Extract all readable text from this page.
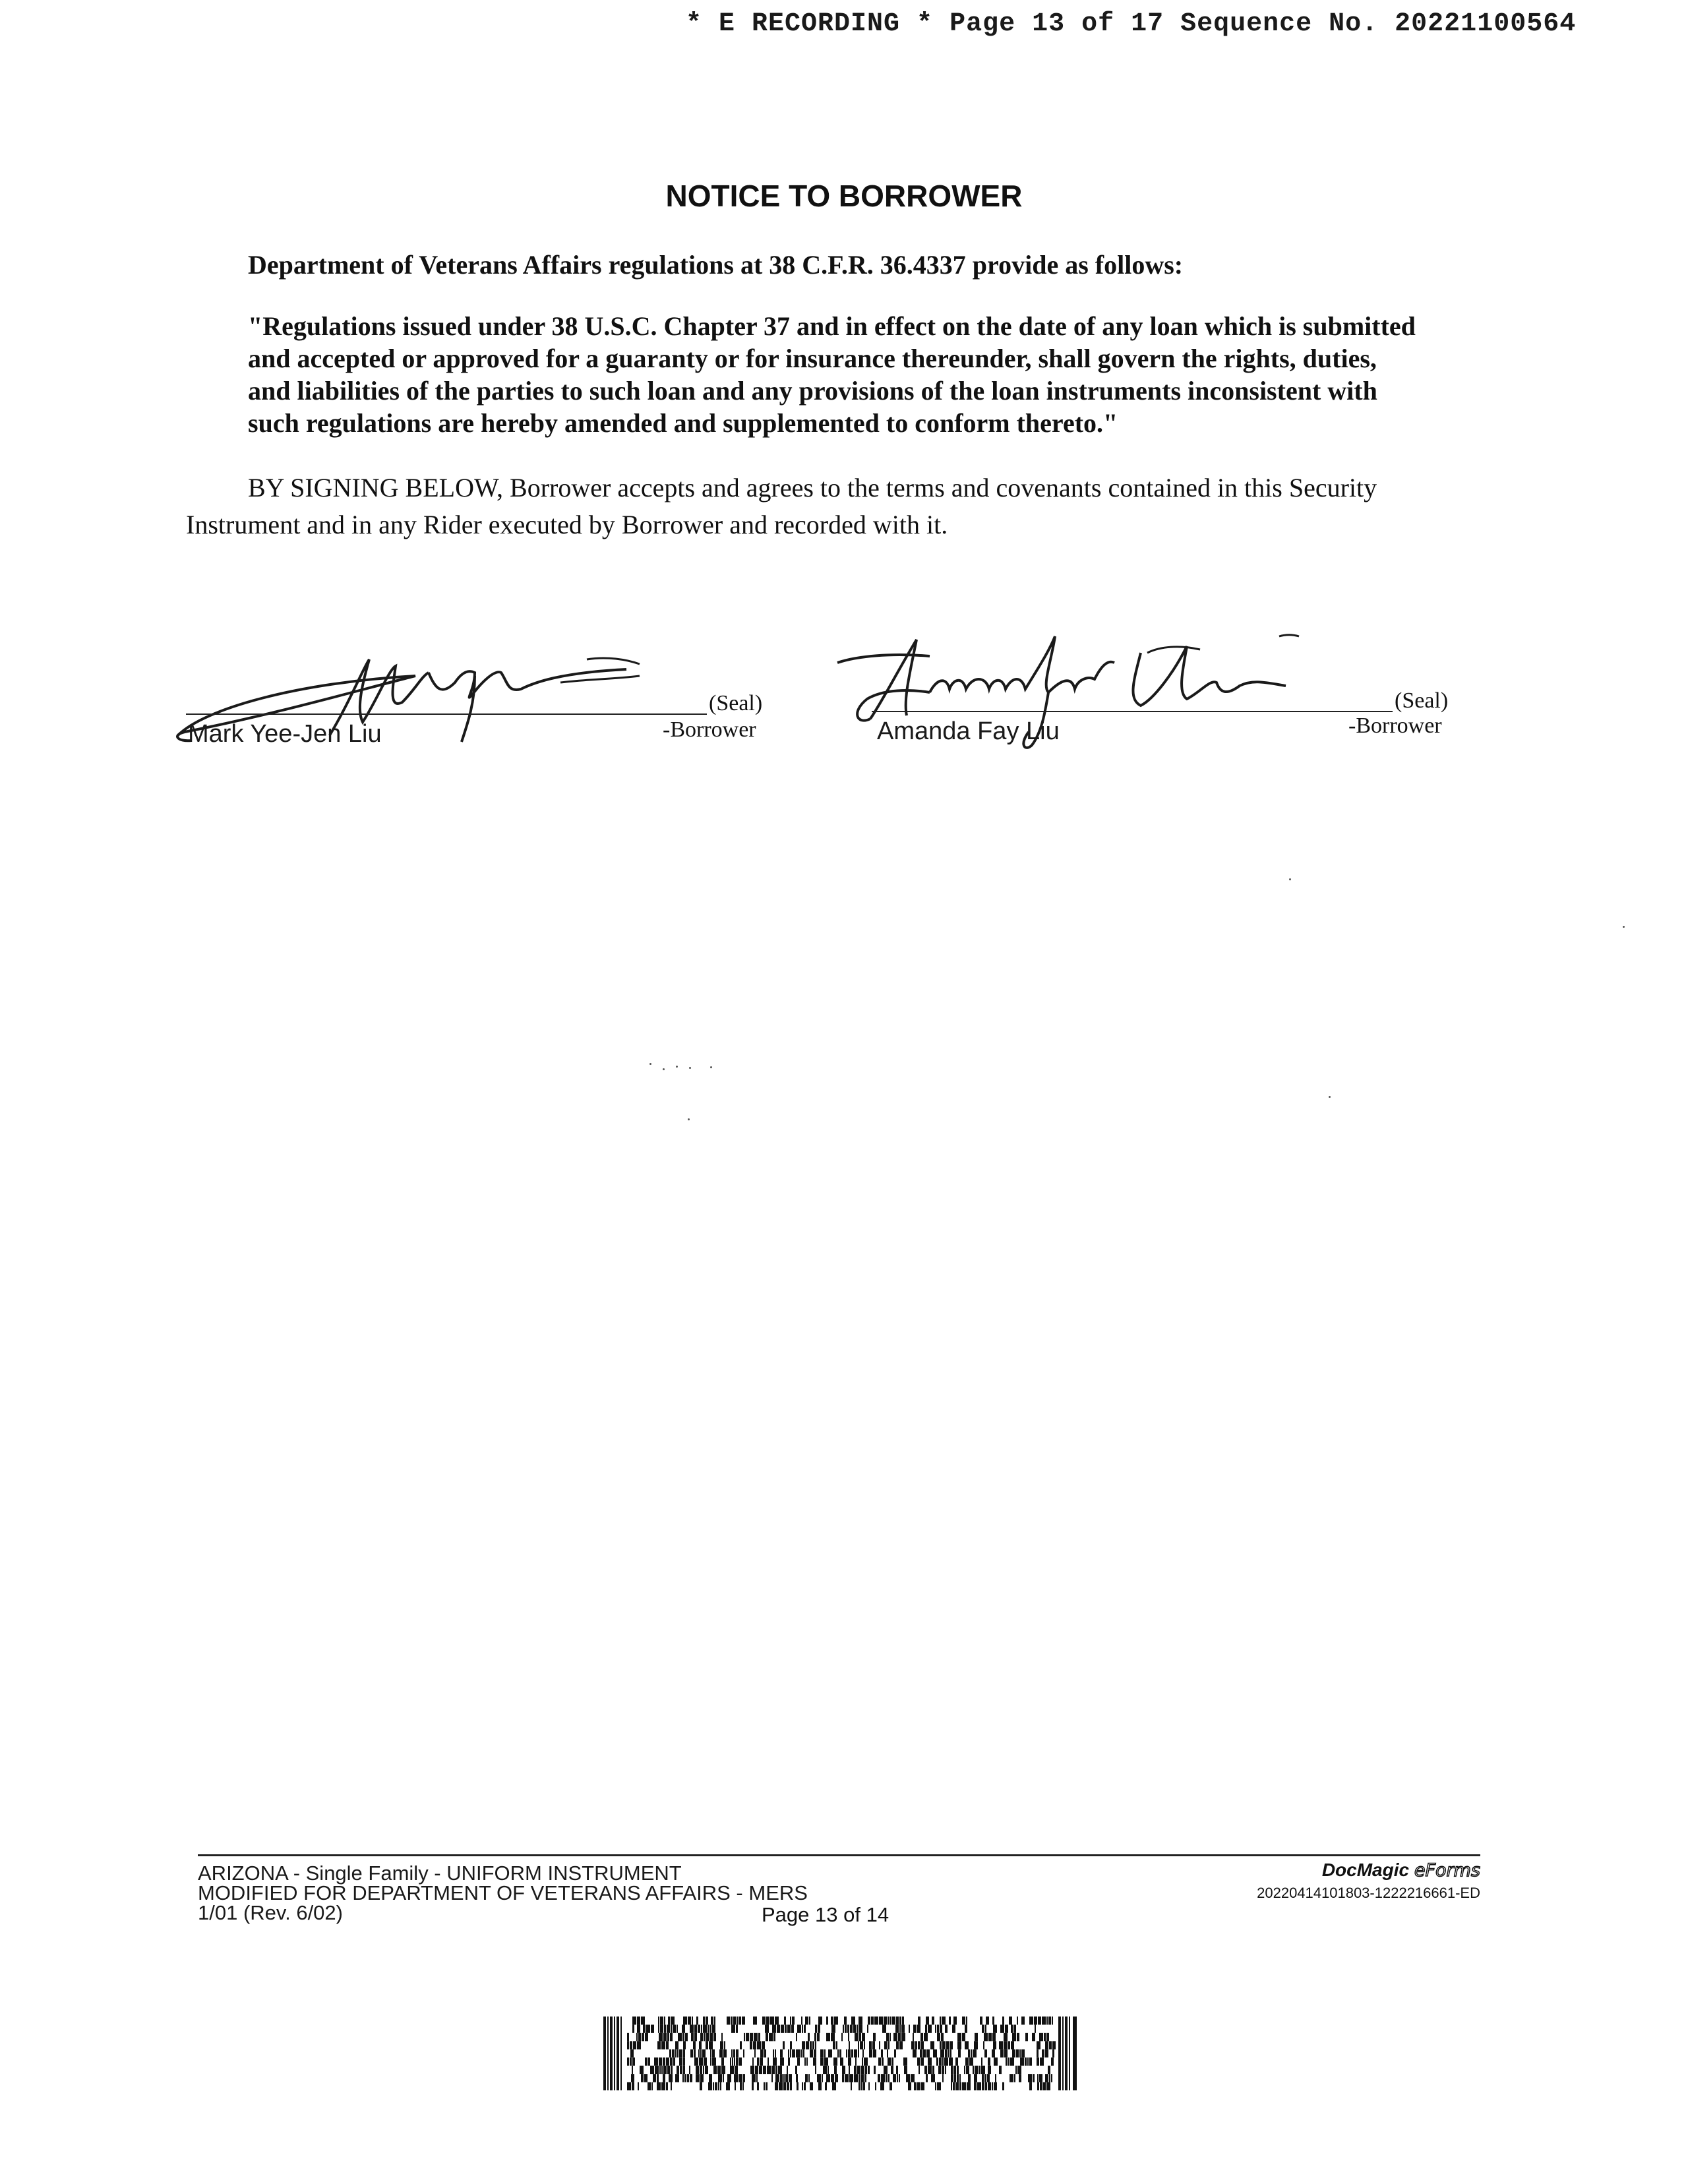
* E RECORDING * Page 13 of 17 Sequence No. 20221100564
NOTICE TO BORROWER
Department of Veterans Affairs regulations at 38 C.F.R. 36.4337 provide as follows:
"Regulations issued under 38 U.S.C. Chapter 37 and in effect on the date of any loan which is submitted and accepted or approved for a guaranty or for insurance thereunder, shall govern the rights, duties, and liabilities of the parties to such loan and any provisions of the loan instruments inconsistent with such regulations are hereby amended and supplemented to conform thereto."
BY SIGNING BELOW, Borrower accepts and agrees to the terms and covenants contained in this Security Instrument and in any Rider executed by Borrower and recorded with it.
(Seal)
Mark Yee-Jen Liu	-Borrower
(Seal)
Amanda Fay Liu	-Borrower
ARIZONA - Single Family - UNIFORM INSTRUMENT
MODIFIED FOR DEPARTMENT OF VETERANS AFFAIRS - MERS
1/01 (Rev. 6/02)	Page 13 of 14
DocMagic eForms
20220414101803-1222216661-ED
